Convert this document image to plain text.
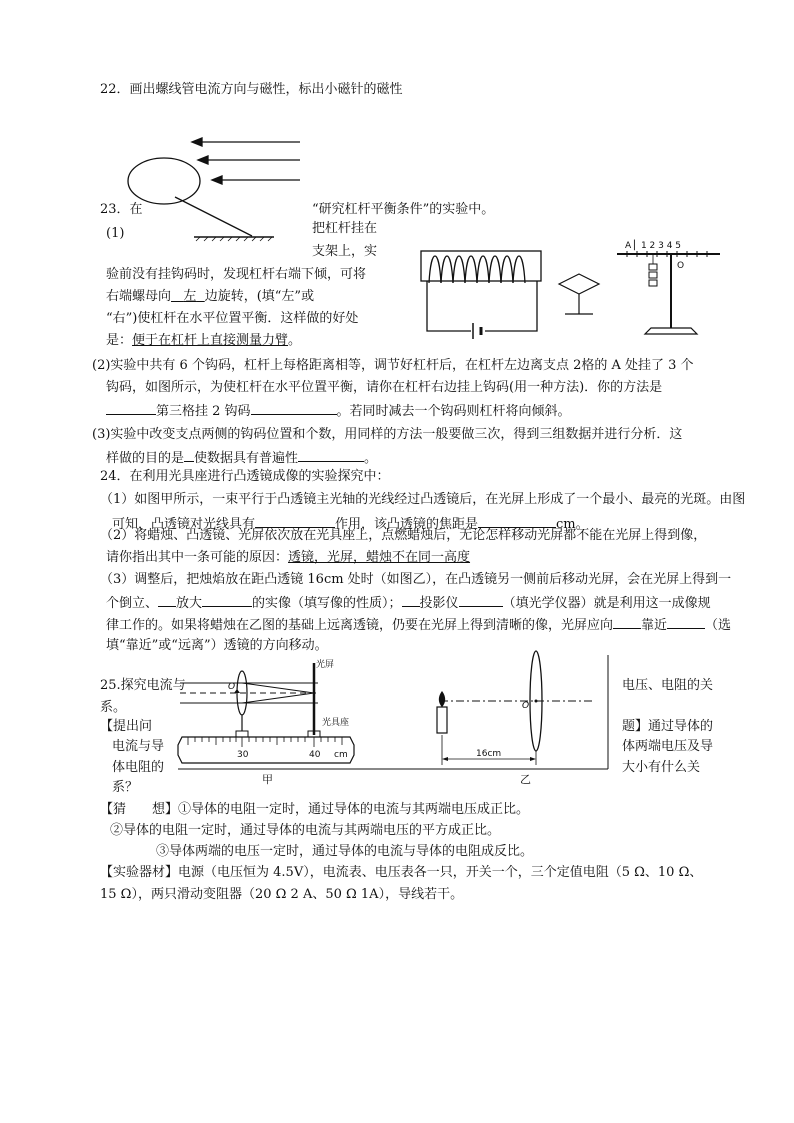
22．画出螺线管电流方向与磁性，标出小磁针的磁性
23．在	“研究杠杆平衡条件”的实验中。
(1)	把杠杆挂在
支架上，实	A ▏1 2 3 4 5
O
验前没有挂钩码时，发现杠杆右端下倾，可将
右端螺母向 左 边旋转，(填“左”或
“右”)使杠杆在水平位置平衡．这样做的好处
是：便于在杠杆上直接测量力臂。
(2)实验中共有 6 个钩码，杠杆上每格距离相等，调节好杠杆后，在杠杆左边离支点 2格的 A 处挂了 3 个
钩码，如图所示，为使杠杆在水平位置平衡，请你在杠杆右边挂上钩码(用一种方法)．你的方法是
第三格挂 2 钩码	。若同时减去一个钩码则杠杆将向倾斜。
(3)实验中改变支点两侧的钩码位置和个数，用同样的方法一般要做三次，得到三组数据并进行分析．这
样做的目的是 使数据具有普遍性	。
24．在利用光具座进行凸透镜成像的实验探究中：
（1）如图甲所示，一束平行于凸透镜主光轴的光线经过凸透镜后，在光屏上形成了一个最小、最亮的光斑。由图
可知，凸透镜对光线具有	作用，该凸透镜的焦距是	cm。
（2）将蜡烛、凸透镜、光屏依次放在光具座上，点燃蜡烛后，无论怎样移动光屏都不能在光屏上得到像，
请你指出其中一条可能的原因：透镜，光屏，蜡烛不在同一高度
（3）调整后，把烛焰放在距凸透镜 16cm 处时（如图乙），在凸透镜另一侧前后移动光屏，会在光屏上得到一
个倒立、 放大	的实像（填写像的性质）； 投影仪	（填光学仪器）就是利用这一成像规
律工作的。如果将蜡烛在乙图的基础上远离透镜，仍要在光屏上得到清晰的像，光屏应向 靠近	（选
填“靠近”或“远离”）透镜的方向移动。
O
光屏
光具座
30	40 cm
甲
O
16cm
乙
25.探究电流与	电压、电阻的关
系。
【提出问	题】通过导体的
电流与导	体两端电压及导
体电阻的	大小有什么关
系？
【猜　　想】①导体的电阻一定时，通过导体的电流与其两端电压成正比。
②导体的电阻一定时，通过导体的电流与其两端电压的平方成正比。
③导体两端的电压一定时，通过导体的电流与导体的电阻成反比。
【实验器材】电源（电压恒为 4.5V），电流表、电压表各一只，开关一个，三个定值电阻（5 Ω、10 Ω、
15 Ω），两只滑动变阻器（20 Ω 2 A、50 Ω 1A），导线若干。
